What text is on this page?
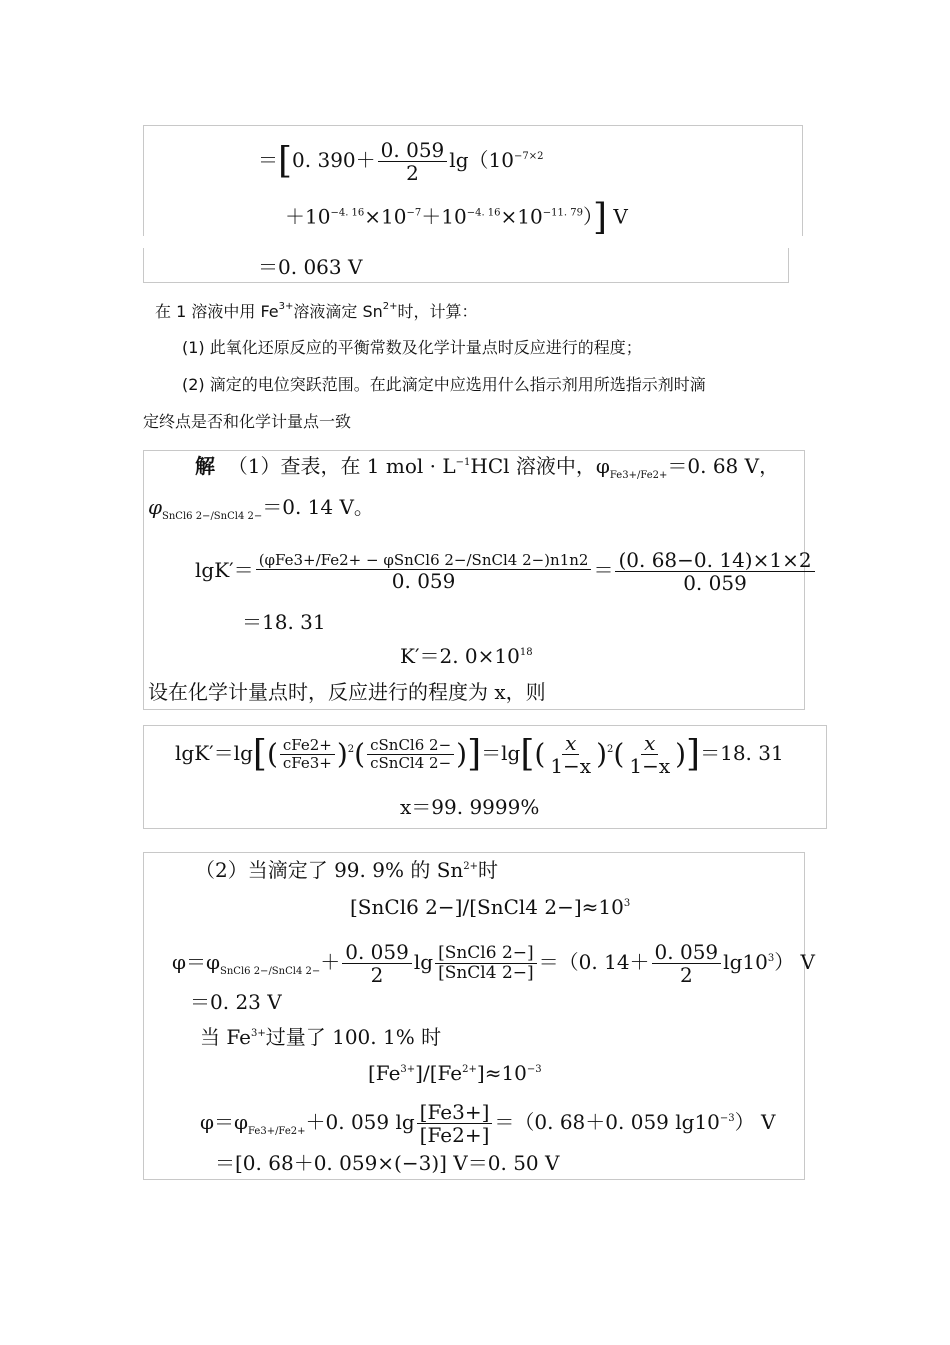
＝[0. $390+ \frac{0. 059}{2} \lg(10^{-7\times 2}$
$+10^{-4. 16}\times 10^{-7}+10^{-4. 16}\times 10^{-11. 79}$）] V
＝0. 063 V
在 1 溶液中用 $Fe^{3+}$溶液滴定 $Sn^{2+}$时，计算：
(1) 此氧化还原反应的平衡常数及化学计量点时反应进行的程度；
(2) 滴定的电位突跃范围。在此滴定中应选用什么指示剂用所选指示剂时滴
定终点是否和化学计量点一致
解 （1）查表，在 1 mol · $L^{-1}HCl$ 溶液中，$\varphi_{Fe3+/Fe2+}=0$. 68 V，
$\varphi_{SnCl6 2-/SnCl4 2-}=0$. 14 V。
$\lg K'= \frac{\text{(φFe3+/Fe2+ − φSnCl6 2−/SnCl4 2−)n1n2}}{0. 059} = \frac{(0. 68-0. 14)\times 1\times 2}{0. 059}$
＝18. 31
K′＝2. $0\times 10^{18}$
设在化学计量点时，反应进行的程度为 x，则
$\lg K'=\lg[( \frac{\text{cFe2+}}{\text{cFe3+}} )^2( \frac{\text{cSnCl6 2−}}{\text{cSnCl4 2−}} )]=\lg[( \frac{x}{1-x} )^2( \frac{x}{1-x} )]=18$. 31
x＝99. 9999%
（2）当滴定了 99. 9% 的 $Sn^{2+}$时
[SnCl6 2−]/[SnCl4 $2-]\approx 10^3$
$\varphi=\varphi_{SnCl6 2-/SnCl4 2-}+ \frac{0. 059}{2}$ $\lg \frac{\text{[SnCl6 2−]}}{\text{[SnCl4 2−]}} =(0$. $14+ \frac{0. 059}{2} \lg 10^3$） V
＝0. 23 V
当 $Fe^{3+}$过量了 100. 1% 时
$[Fe^{3+}]/[Fe^{2+}]\approx 10^{-3}$
$\varphi=\varphi_{Fe3+/Fe2+}+0$. 059 $\lg \frac{[Fe3+]}{[Fe2+]} =(0$. 68＋0. 059 $\lg 10^{-3}$） V
＝[0. 68＋0. 059×(−3)] V＝0. 50 V
